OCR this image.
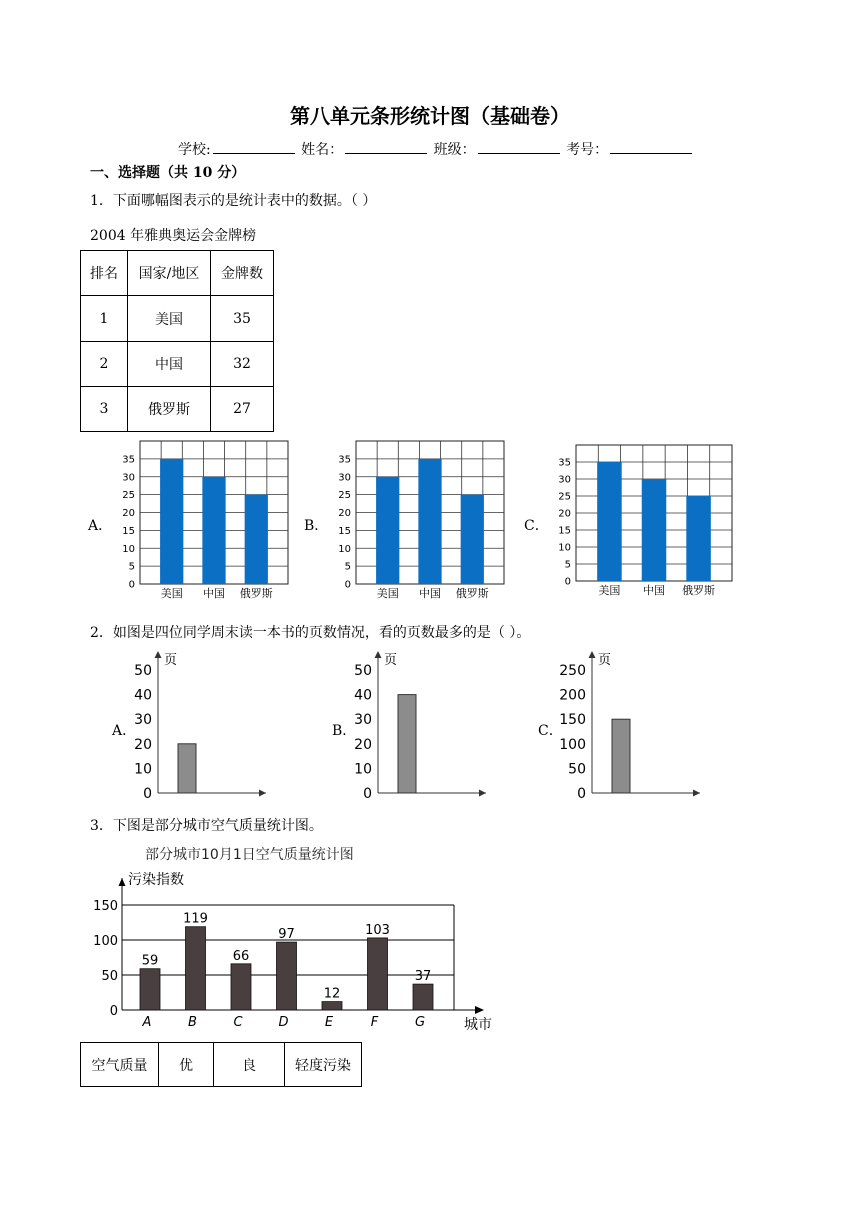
第八单元条形统计图（基础卷）
学校:	姓名：	班级：	考号：
一、选择题（共 10 分）
1．下面哪幅图表示的是统计表中的数据。（ ）
2004 年雅典奥运会金牌榜
排名	国家/地区	金牌数
1	美国	35
2	中国	32
3	俄罗斯	27
A．	B．	C．
0
5
10
15
20
25
30
35
美国 中国 俄罗斯
0
5
10
15
20
25
30
35
美国 中国 俄罗斯
0
5
10
15
20
25
30
35
美国 中国 俄罗斯
2．如图是四位同学周末读一本书的页数情况，看的页数最多的是（ ）。
A．	B．	C．
页
0
10
20
30
40
50
页
0
10
20
30
40
50
页
0
50
100
150
200
250
3．下图是部分城市空气质量统计图。
部分城市10月1日空气质量统计图
污染指数
0
50
100
150
59
A
119
B
66
C
97
D
12
E
103
F
37
G	城市
空气质量	优	良	轻度污染
